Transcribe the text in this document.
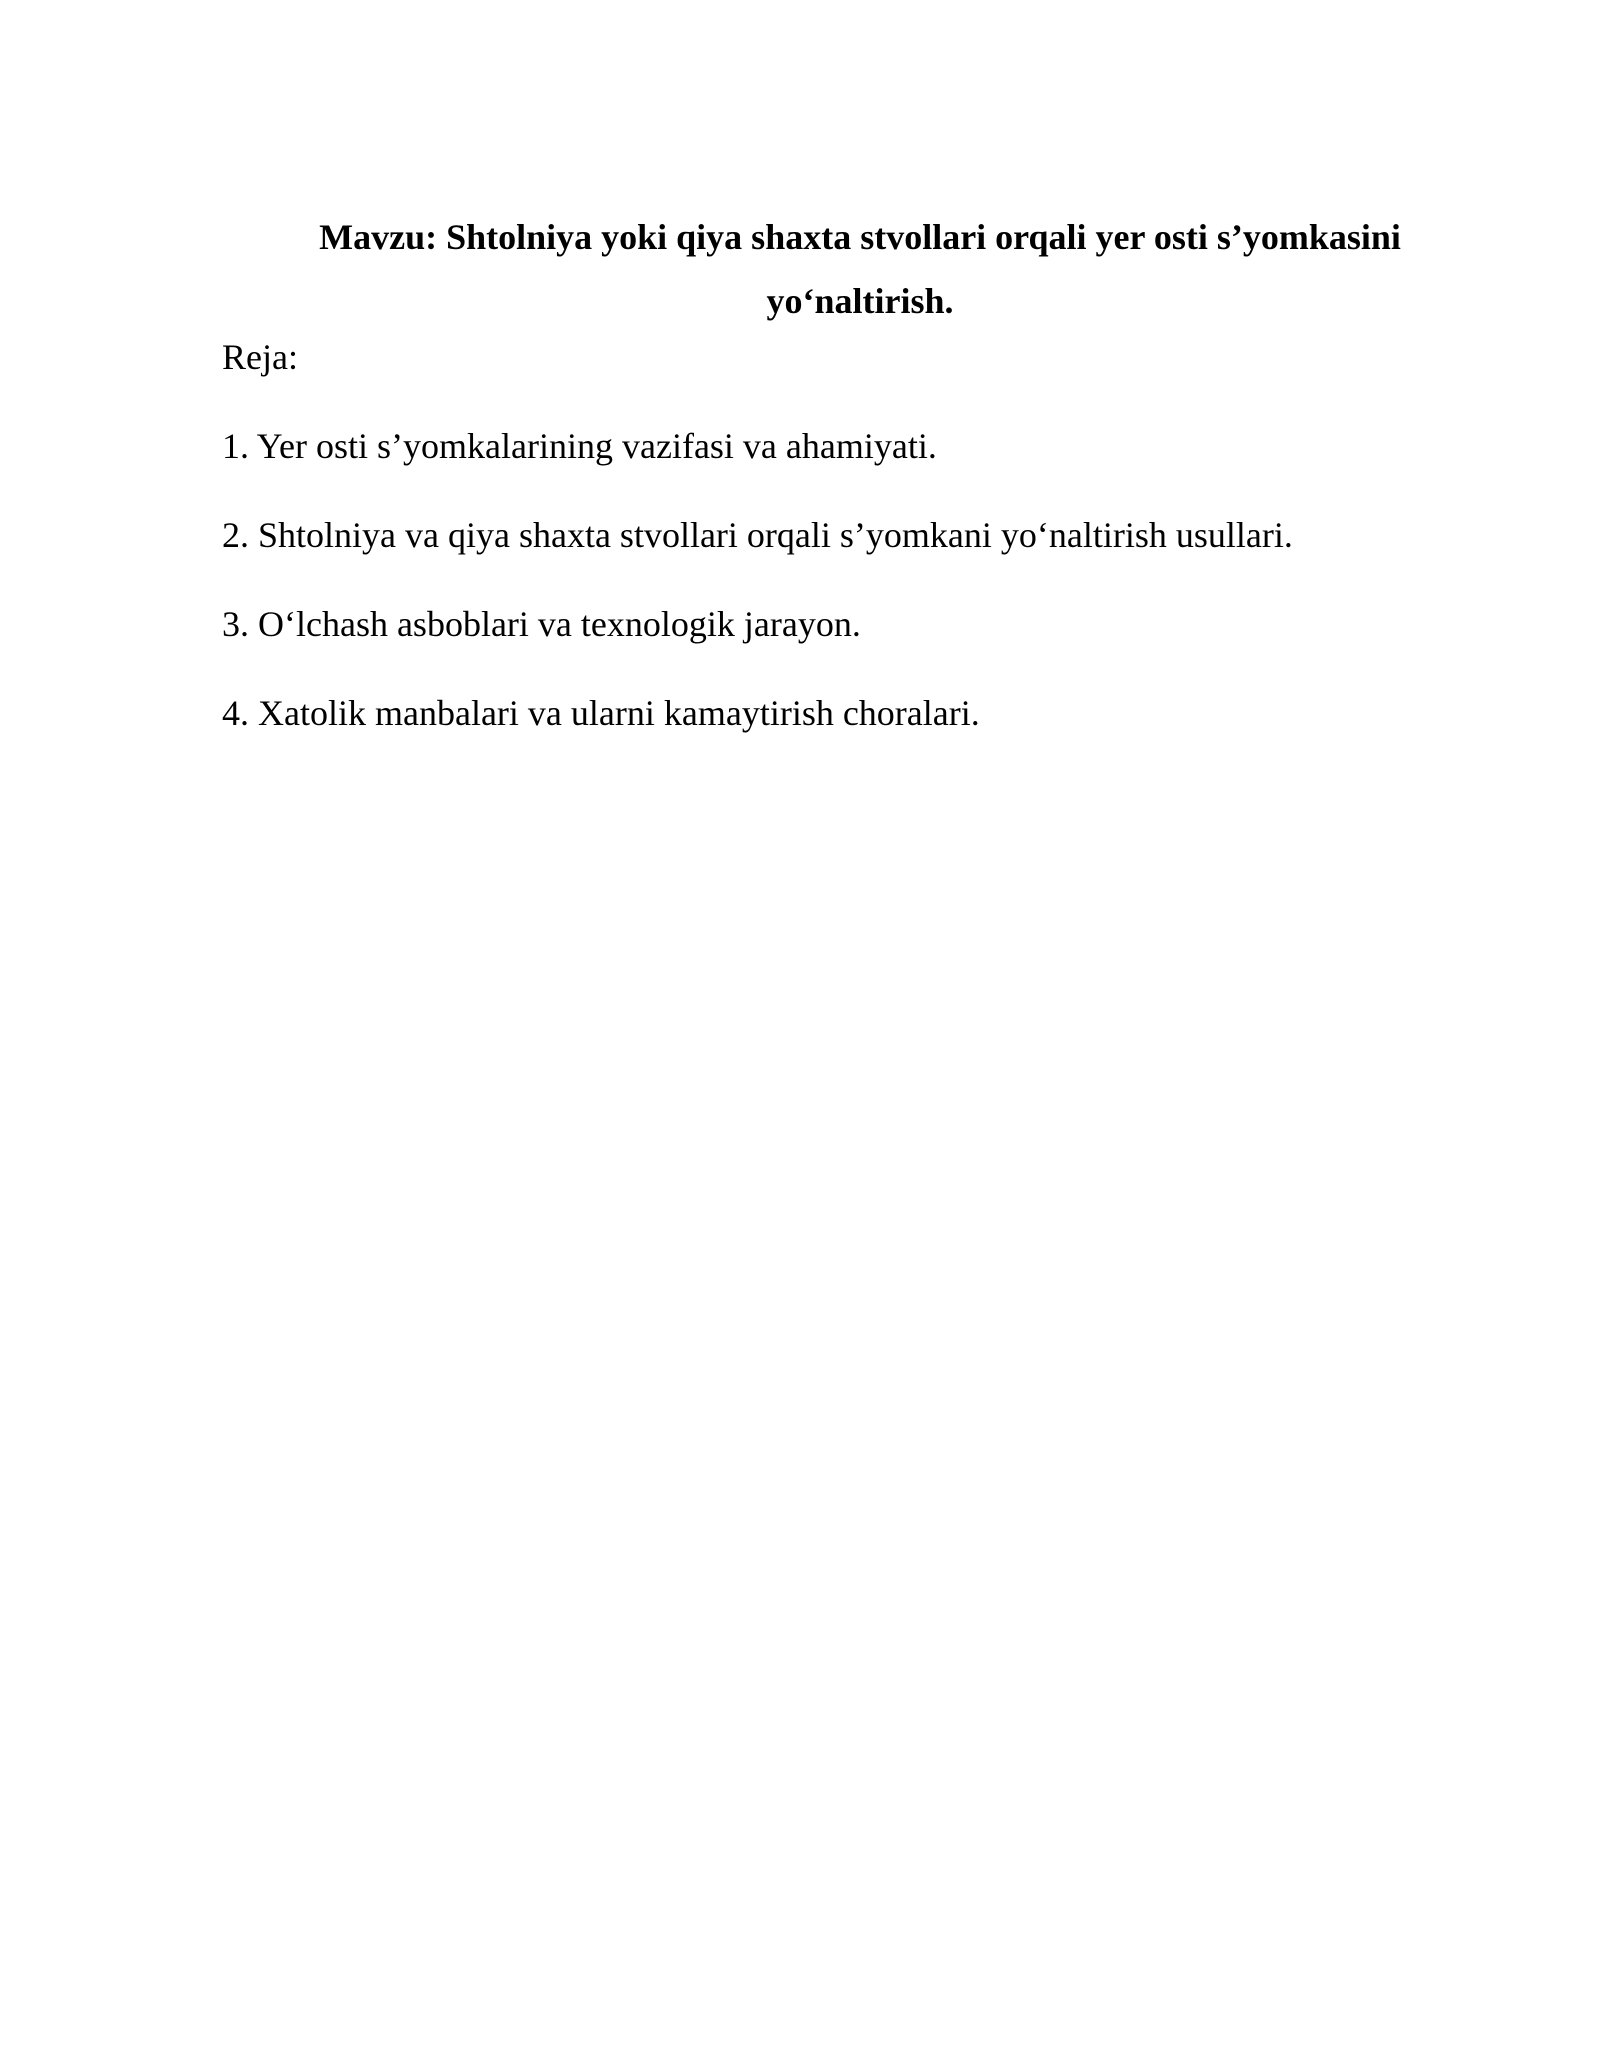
Mavzu: Shtolniya yoki qiya shaxta stvollari orqali yer osti s’yomkasini
yo‘naltirish.

Reja:

1. Yer osti s’yomkalarining vazifasi va ahamiyati.
2. Shtolniya va qiya shaxta stvollari orqali s’yomkani yo‘naltirish usullari.
3. O‘lchash asboblari va texnologik jarayon.
4. Xatolik manbalari va ularni kamaytirish choralari.
